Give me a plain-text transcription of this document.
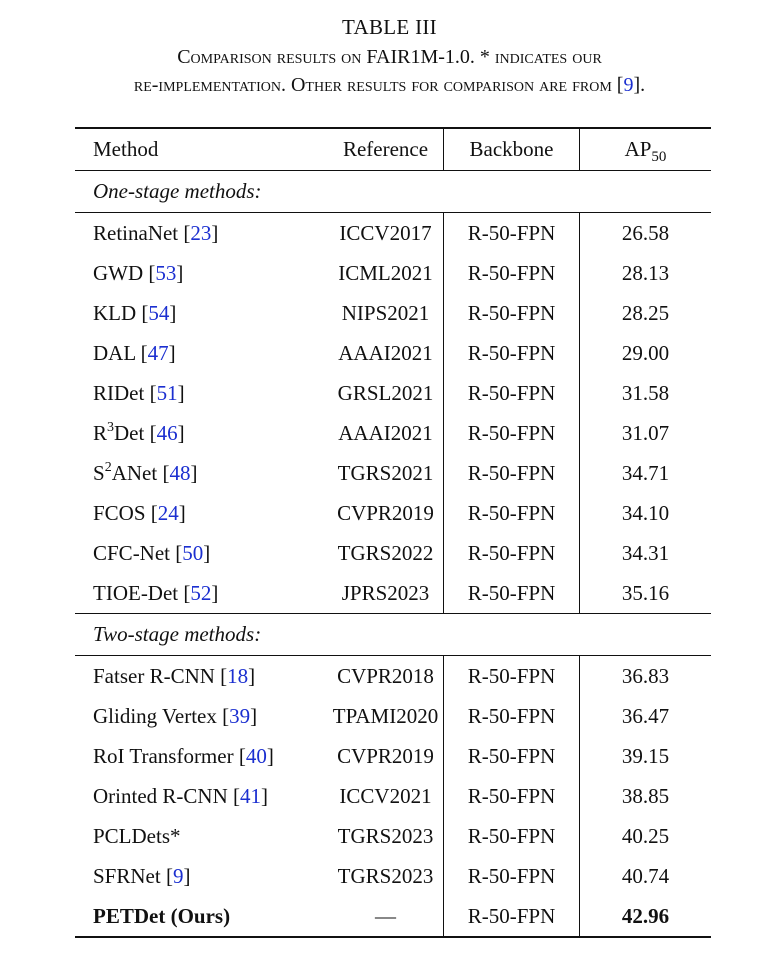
TABLE III
Comparison results on FAIR1M-1.0. * indicates our
re-implementation. Other results for comparison are from [9].
Method	Reference	Backbone	$AP_{50}$
One-stage methods:			
RetinaNet [23]	ICCV2017	R-50-FPN	26.58
GWD [53]	ICML2021	R-50-FPN	28.13
KLD [54]	NIPS2021	R-50-FPN	28.25
DAL [47]	AAAI2021	R-50-FPN	29.00
RIDet [51]	GRSL2021	R-50-FPN	31.58
$R^3Det$ [46]	AAAI2021	R-50-FPN	31.07
$S^2ANet$ [48]	TGRS2021	R-50-FPN	34.71
FCOS [24]	CVPR2019	R-50-FPN	34.10
CFC-Net [50]	TGRS2022	R-50-FPN	34.31
TIOE-Det [52]	JPRS2023	R-50-FPN	35.16
Two-stage methods:			
Fatser R-CNN [18]	CVPR2018	R-50-FPN	36.83
Gliding Vertex [39]	TPAMI2020	R-50-FPN	36.47
RoI Transformer [40]	CVPR2019	R-50-FPN	39.15
Orinted R-CNN [41]	ICCV2021	R-50-FPN	38.85
PCLDets*	TGRS2023	R-50-FPN	40.25
SFRNet [9]	TGRS2023	R-50-FPN	40.74
PETDet (Ours)	—	R-50-FPN	42.96
